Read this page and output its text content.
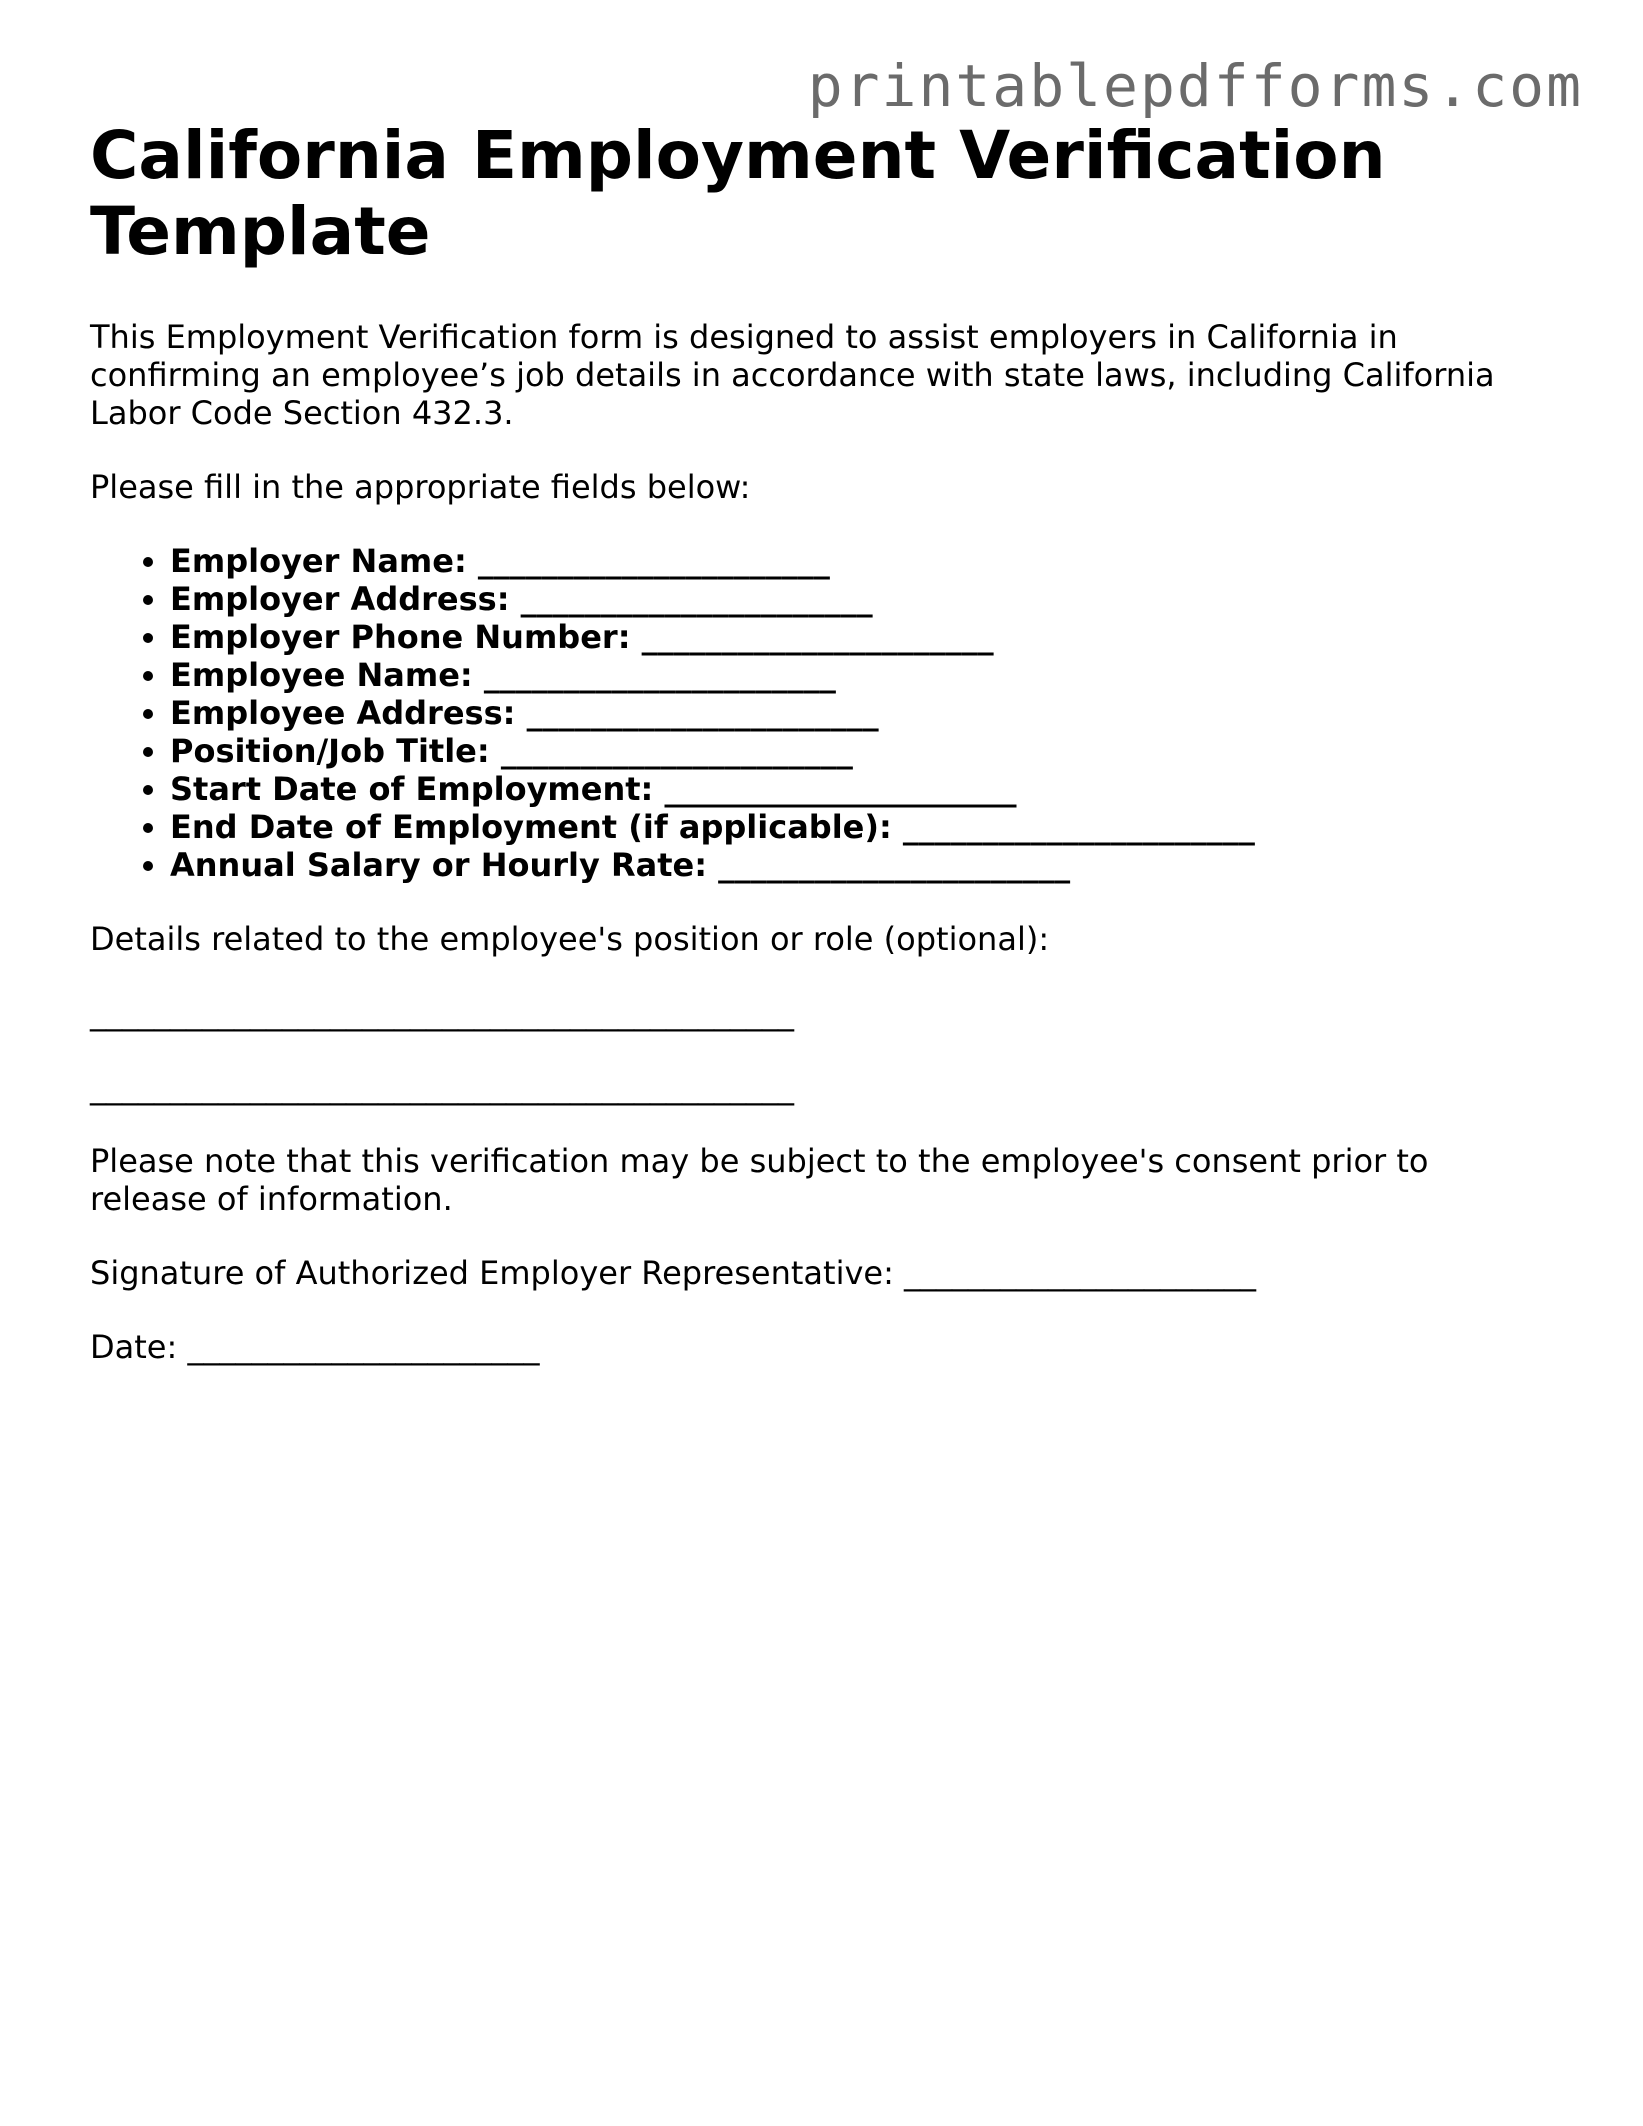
printablepdfforms.com
California Employment Verification Template

This Employment Verification form is designed to assist employers in California in confirming an employee’s job details in accordance with state laws, including California Labor Code Section 432.3.

Please fill in the appropriate fields below:

• Employer Name: ______________________
• Employer Address: ______________________
• Employer Phone Number: ______________________
• Employee Name: ______________________
• Employee Address: ______________________
• Position/Job Title: ______________________
• Start Date of Employment: ______________________
• End Date of Employment (if applicable): ______________________
• Annual Salary or Hourly Rate: ______________________

Details related to the employee's position or role (optional):

____________________________________________
____________________________________________

Please note that this verification may be subject to the employee's consent prior to release of information.

Signature of Authorized Employer Representative: ______________________

Date: ______________________
